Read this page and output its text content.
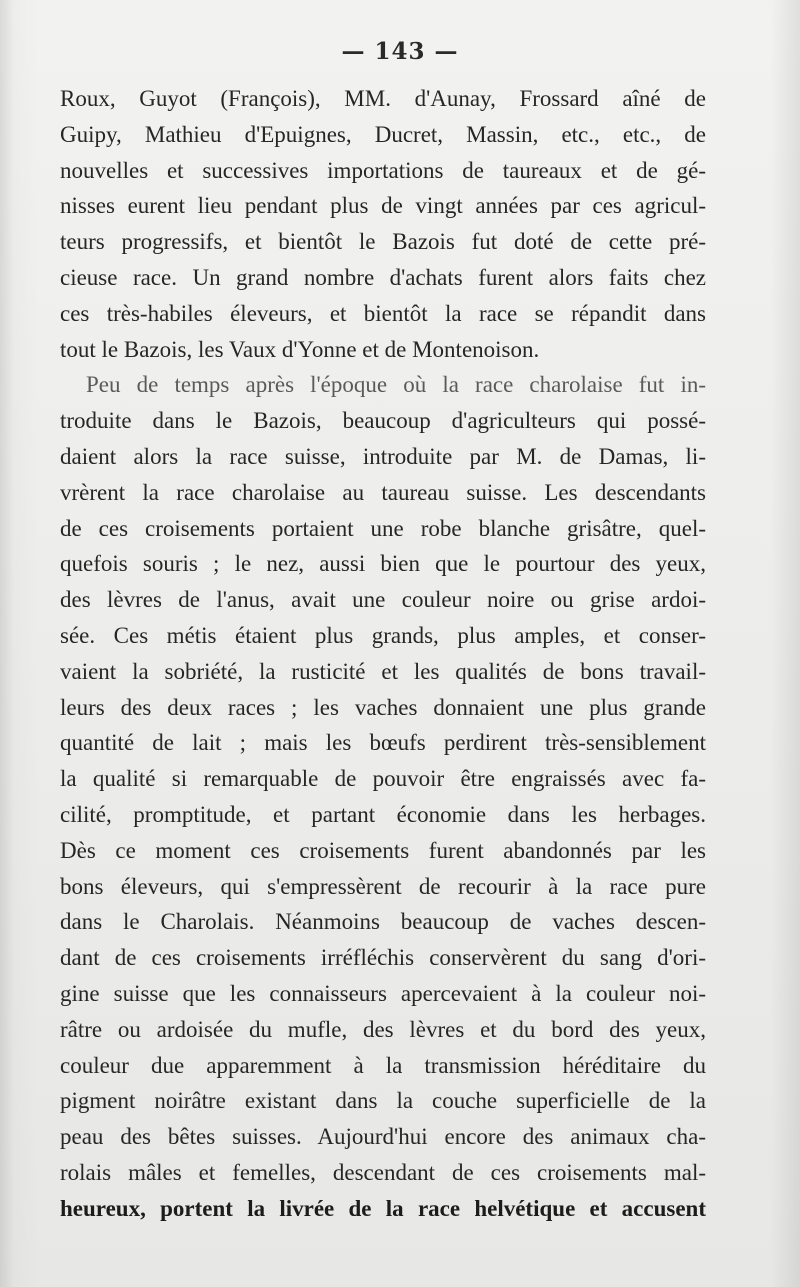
— 143 —
Roux, Guyot (François), MM. d'Aunay, Frossard aîné de
Guipy, Mathieu d'Epuignes, Ducret, Massin, etc., etc., de
nouvelles et successives importations de taureaux et de gé-
nisses eurent lieu pendant plus de vingt années par ces agricul-
teurs progressifs, et bientôt le Bazois fut doté de cette pré-
cieuse race. Un grand nombre d'achats furent alors faits chez
ces très-habiles éleveurs, et bientôt la race se répandit dans
tout le Bazois, les Vaux d'Yonne et de Montenoison.
Peu de temps après l'époque où la race charolaise fut in-
troduite dans le Bazois, beaucoup d'agriculteurs qui possé-
daient alors la race suisse, introduite par M. de Damas, li-
vrèrent la race charolaise au taureau suisse. Les descendants
de ces croisements portaient une robe blanche grisâtre, quel-
quefois souris ; le nez, aussi bien que le pourtour des yeux,
des lèvres de l'anus, avait une couleur noire ou grise ardoi-
sée. Ces métis étaient plus grands, plus amples, et conser-
vaient la sobriété, la rusticité et les qualités de bons travail-
leurs des deux races ; les vaches donnaient une plus grande
quantité de lait ; mais les bœufs perdirent très-sensiblement
la qualité si remarquable de pouvoir être engraissés avec fa-
cilité, promptitude, et partant économie dans les herbages.
Dès ce moment ces croisements furent abandonnés par les
bons éleveurs, qui s'empressèrent de recourir à la race pure
dans le Charolais. Néanmoins beaucoup de vaches descen-
dant de ces croisements irréfléchis conservèrent du sang d'ori-
gine suisse que les connaisseurs apercevaient à la couleur noi-
râtre ou ardoisée du mufle, des lèvres et du bord des yeux,
couleur due apparemment à la transmission héréditaire du
pigment noirâtre existant dans la couche superficielle de la
peau des bêtes suisses. Aujourd'hui encore des animaux cha-
rolais mâles et femelles, descendant de ces croisements mal-
heureux, portent la livrée de la race helvétique et accusent
